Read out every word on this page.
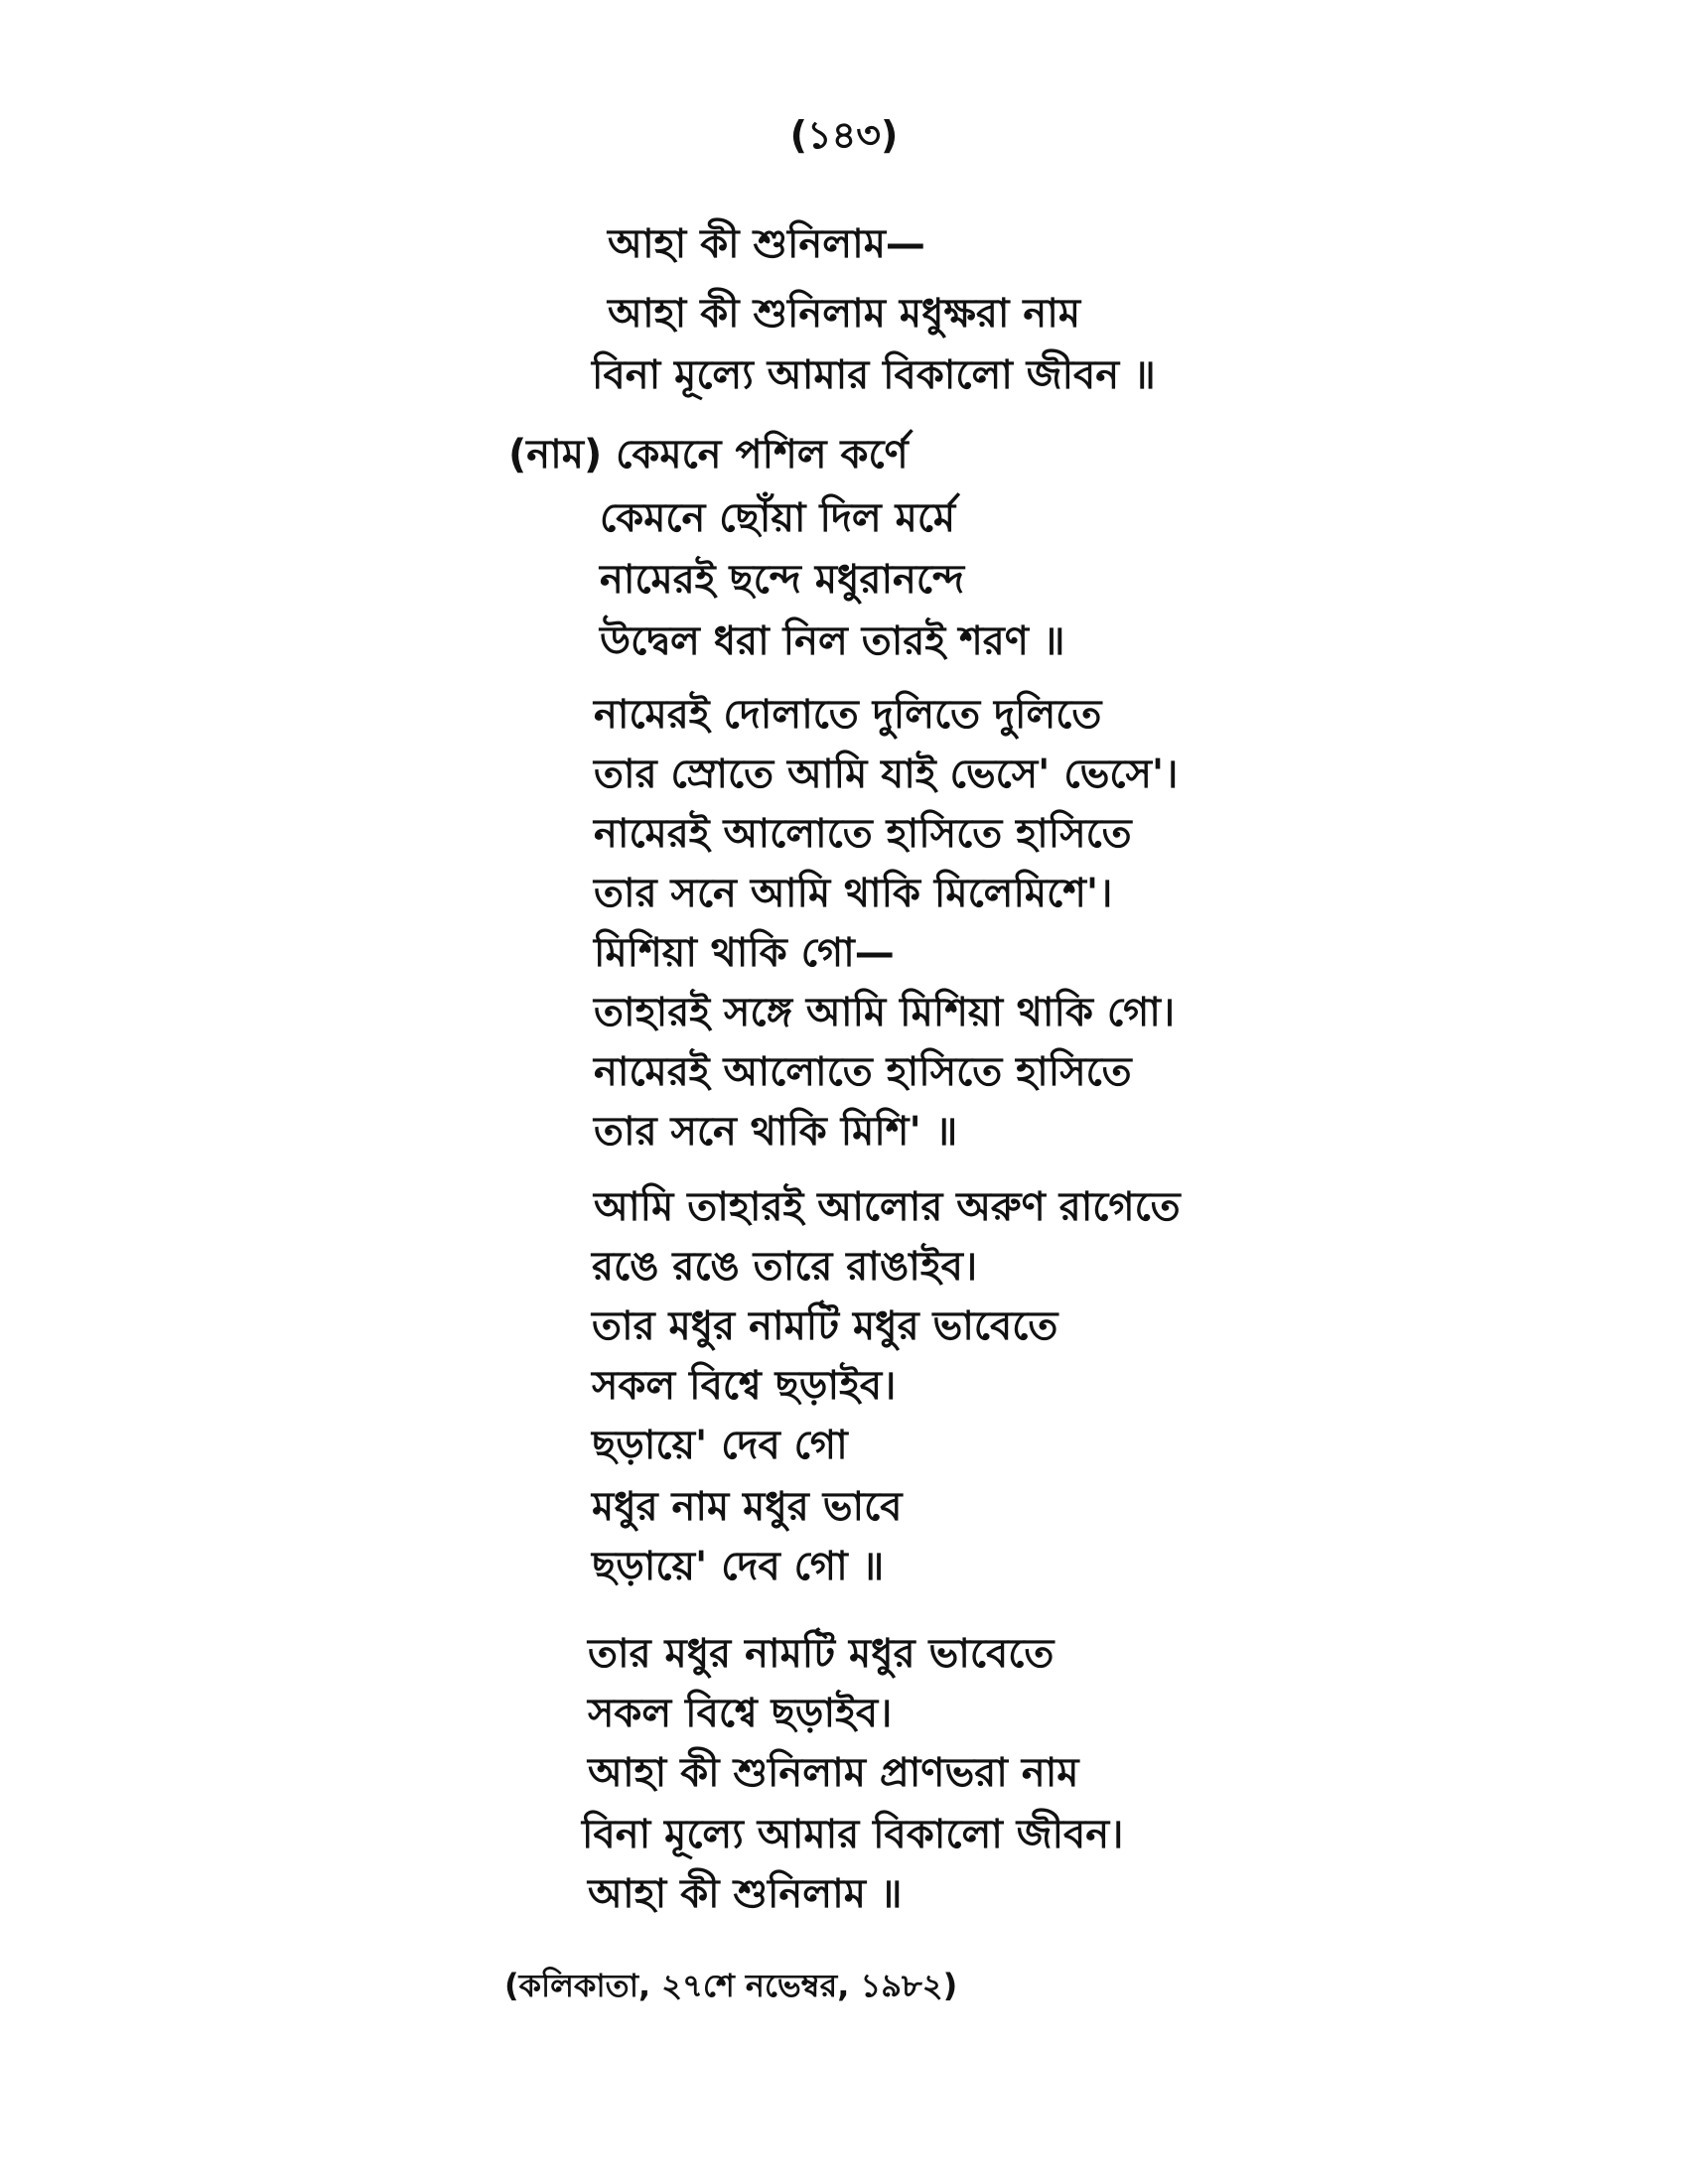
(১৪৩)
আহা কী শুনিলাম—
আহা কী শুনিলাম মধুক্ষরা নাম
বিনা মূল্যে আমার বিকালো জীবন ॥
(নাম) কেমনে পশিল কর্ণে
কেমনে ছোঁয়া দিল মর্মে
নামেরই ছন্দে মধুরানন্দে
উদ্বেল ধরা নিল তারই শরণ ॥
নামেরই দোলাতে দুলিতে দুলিতে
তার স্রোতে আমি যাই ভেসে' ভেসে'।
নামেরই আলোতে হাসিতে হাসিতে
তার সনে আমি থাকি মিলেমিশে'।
মিশিয়া থাকি গো—
তাহারই সঙ্গে আমি মিশিয়া থাকি গো।
নামেরই আলোতে হাসিতে হাসিতে
তার সনে থাকি মিশি' ॥
আমি তাহারই আলোর অরুণ রাগেতে
রঙে রঙে তারে রাঙাইব।
তার মধুর নামটি মধুর ভাবেতে
সকল বিশ্বে ছড়াইব।
ছড়ায়ে' দেব গো
মধুর নাম মধুর ভাবে
ছড়ায়ে' দেব গো ॥
তার মধুর নামটি মধুর ভাবেতে
সকল বিশ্বে ছড়াইব।
আহা কী শুনিলাম প্রাণভরা নাম
বিনা মূল্যে আমার বিকালো জীবন।
আহা কী শুনিলাম ॥
(কলিকাতা, ২৭শে নভেম্বর, ১৯৮২)
